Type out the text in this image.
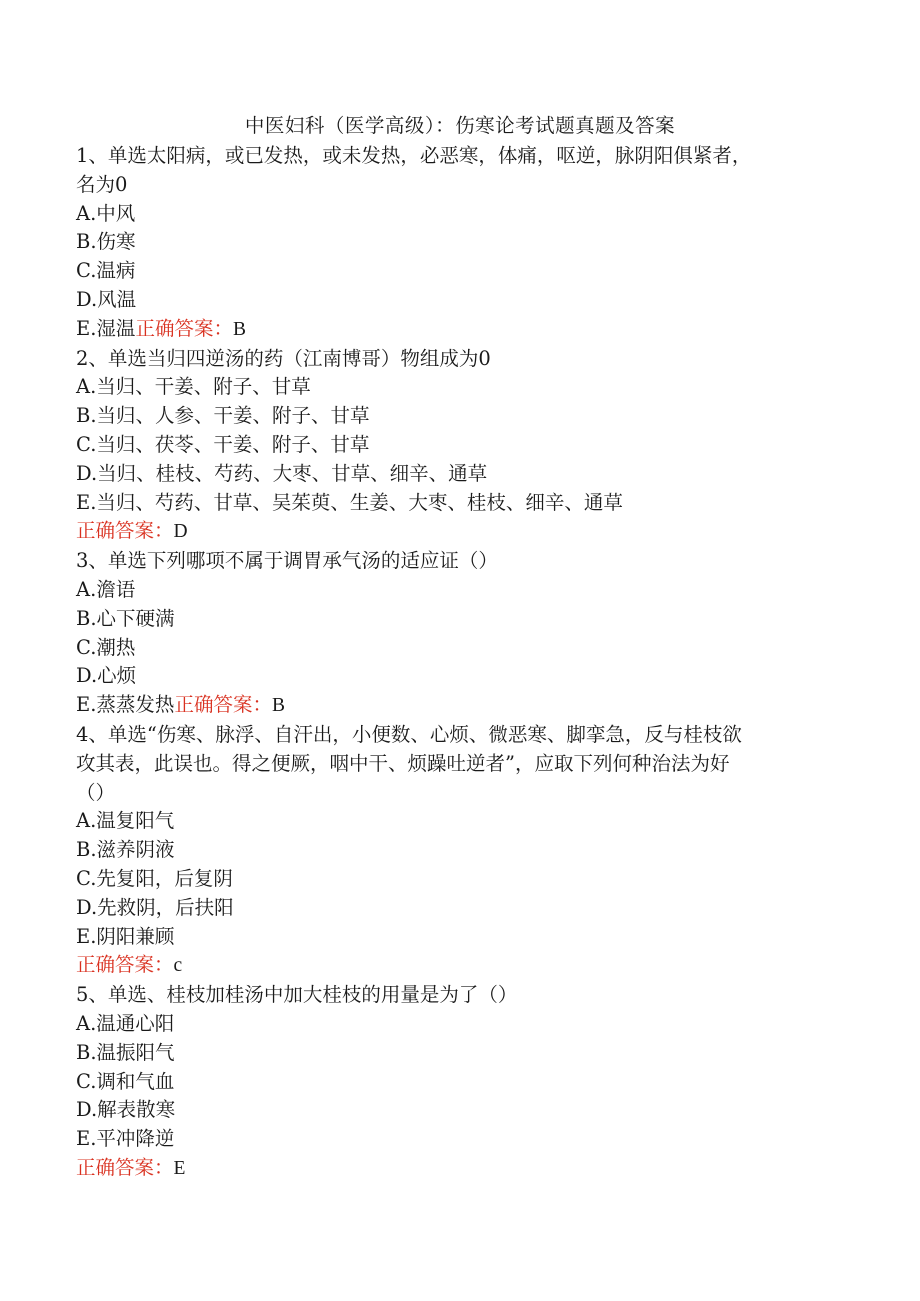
中医妇科（医学高级）：伤寒论考试题真题及答案
1、单选太阳病，或已发热，或未发热，必恶寒，体痛，呕逆，脉阴阳俱紧者，
名为0
A.中风
B.伤寒
C.温病
D.风温
E.湿温正确答案：B
2、单选当归四逆汤的药（江南博哥）物组成为0
A.当归、干姜、附子、甘草
B.当归、人参、干姜、附子、甘草
C.当归、茯苓、干姜、附子、甘草
D.当归、桂枝、芍药、大枣、甘草、细辛、通草
E.当归、芍药、甘草、吴茱萸、生姜、大枣、桂枝、细辛、通草
正确答案：D
3、单选下列哪项不属于调胃承气汤的适应证（）
A.澹语
B.心下硬满
C.潮热
D.心烦
E.蒸蒸发热正确答案：B
4、单选“伤寒、脉浮、自汗出，小便数、心烦、微恶寒、脚挛急，反与桂枝欲
攻其表，此误也。得之便厥，咽中干、烦躁吐逆者”，应取下列何种治法为好
（）
A.温复阳气
B.滋养阴液
C.先复阳，后复阴
D.先救阴，后扶阳
E.阴阳兼顾
正确答案：c
5、单选、桂枝加桂汤中加大桂枝的用量是为了（）
A.温通心阳
B.温振阳气
C.调和气血
D.解表散寒
E.平冲降逆
正确答案：E
